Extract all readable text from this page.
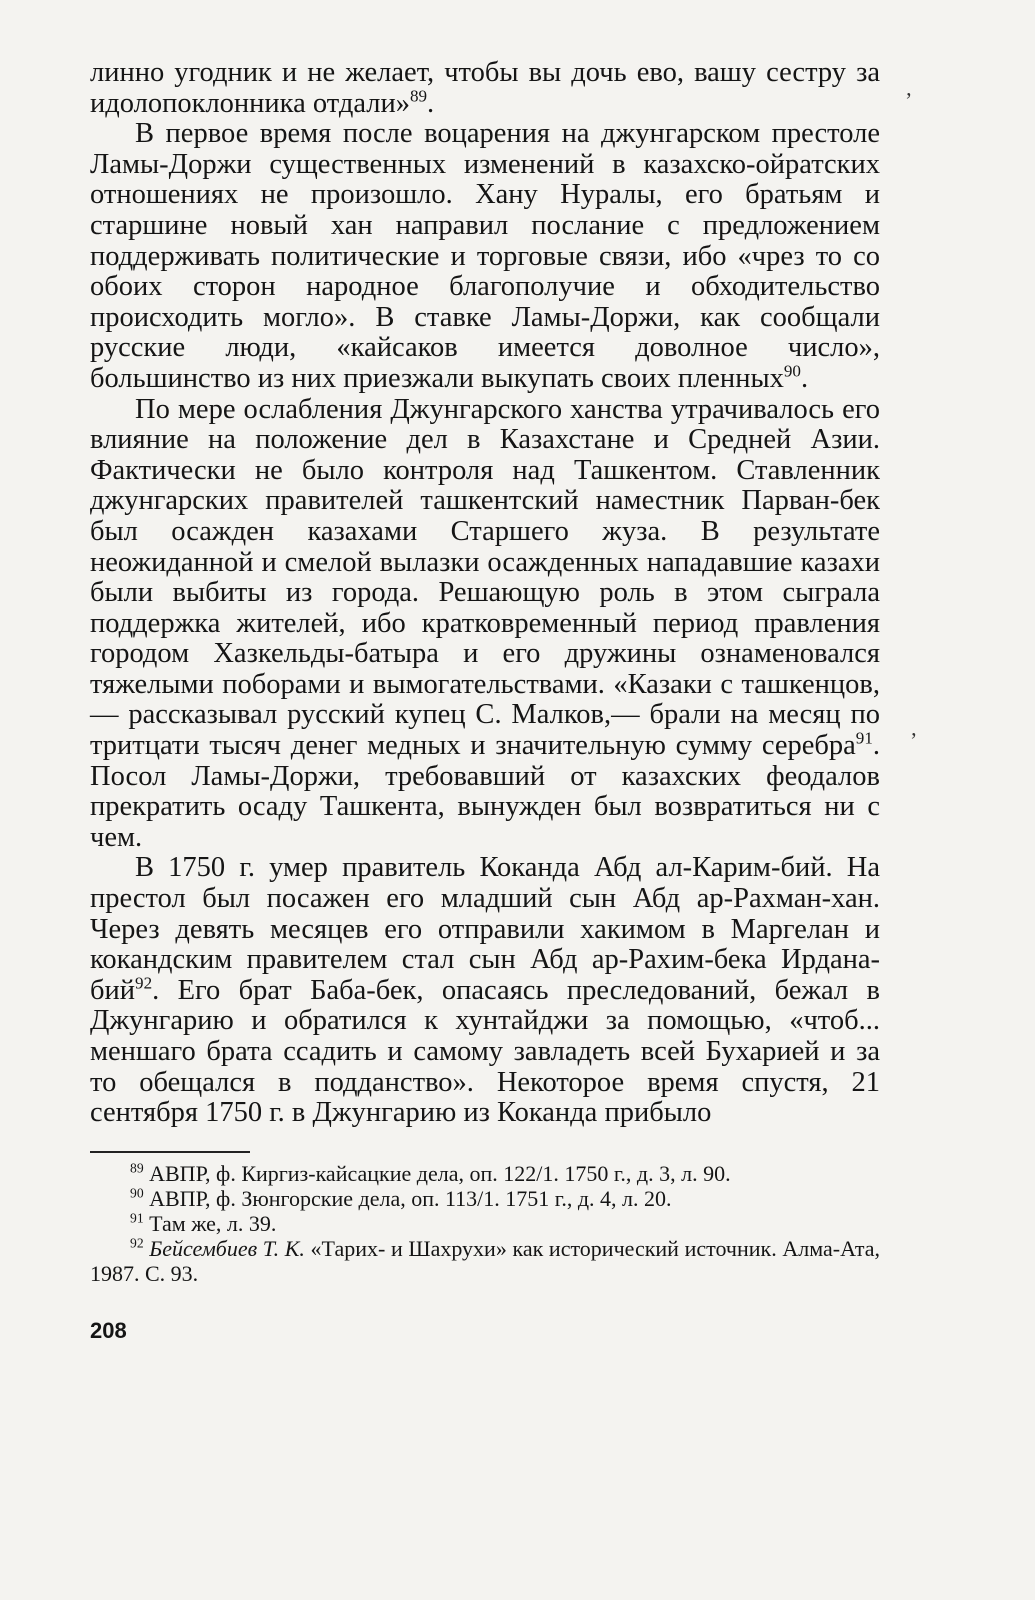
линно угодник и не желает, чтобы вы дочь ево, вашу сестру за идолопоклонника отдали»$^{89}$.

В первое время после воцарения на джунгарском престоле Ламы-Доржи существенных изменений в казахско-ойратских отношениях не произошло. Хану Нуралы, его братьям и старшине новый хан направил послание с предложением поддерживать политические и торговые связи, ибо «чрез то со обоих сторон народное благополучие и обходительство происходить могло». В ставке Ламы-Доржи, как сообщали русские люди, «кайсаков имеется доволное число», большинство из них приезжали выкупать своих пленных$^{90}$.

По мере ослабления Джунгарского ханства утрачивалось его влияние на положение дел в Казахстане и Средней Азии. Фактически не было контроля над Ташкентом. Ставленник джунгарских правителей ташкентский наместник Парван-бек был осажден казахами Старшего жуза. В результате неожиданной и смелой вылазки осажденных нападавшие казахи были выбиты из города. Решающую роль в этом сыграла поддержка жителей, ибо кратковременный период правления городом Хазкельды-батыра и его дружины ознаменовался тяжелыми поборами и вымогательствами. «Казаки с ташкенцов,— рассказывал русский купец С. Малков,— брали на месяц по тритцати тысяч денег медных и значительную сумму серебра$^{91}$. Посол Ламы-Доржи, требовавший от казахских феодалов прекратить осаду Ташкента, вынужден был возвратиться ни с чем.

В 1750 г. умер правитель Коканда Абд ал-Карим-бий. На престол был посажен его младший сын Абд ар-Рахман-хан. Через девять месяцев его отправили хакимом в Маргелан и кокандским правителем стал сын Абд ар-Рахим-бека Ирдана-бий$^{92}$. Его брат Баба-бек, опасаясь преследований, бежал в Джунгарию и обратился к хунтайджи за помощью, «чтоб... меншаго брата ссадить и самому завладеть всей Бухарией и за то обещался в подданство». Некоторое время спустя, 21 сентября 1750 г. в Джунгарию из Коканда прибыло

$^{89}$ АВПР, ф. Киргиз-кайсацкие дела, оп. 122/1. 1750 г., д. 3, л. 90.

$^{90}$ АВПР, ф. Зюнгорские дела, оп. 113/1. 1751 г., д. 4, л. 20.

$^{91}$ Там же, л. 39.

$^{92}$ Бейсембиев Т. К. «Тарих- и Шахрухи» как исторический источник. Алма-Ата, 1987. С. 93.

208
ʼ
ʼ
